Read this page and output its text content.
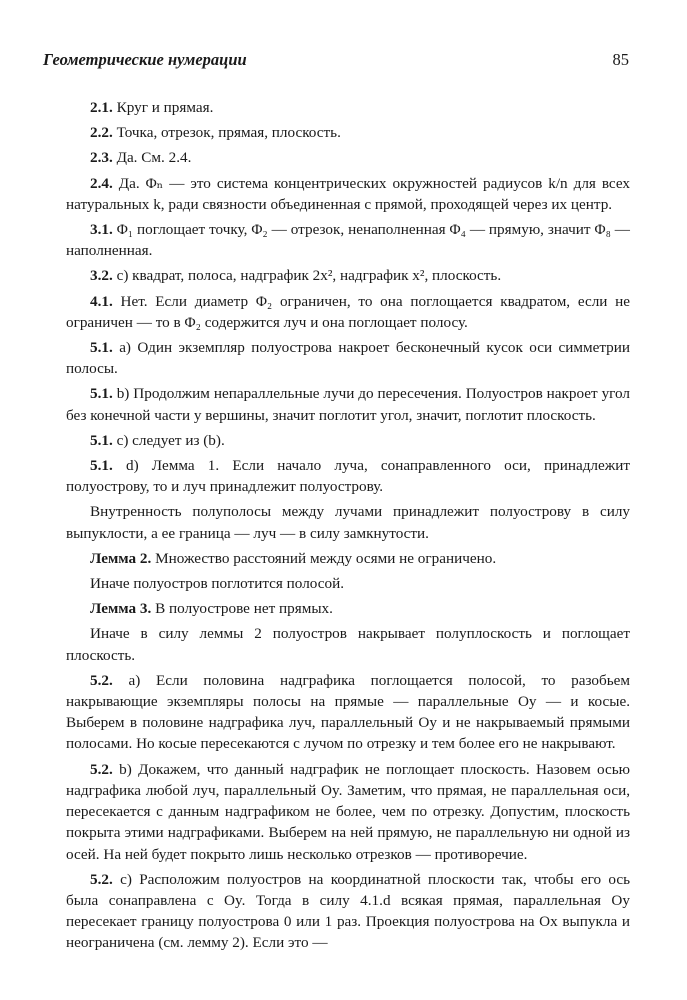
Геометрические нумерации	85

2.1. Круг и прямая.

2.2. Точка, отрезок, прямая, плоскость.

2.3. Да. См. 2.4.

2.4. Да. Φₙ — это система концентрических окружностей радиусов k/n для всех натуральных k, ради связности объединенная с прямой, проходящей через их центр.

3.1. Φ₁ поглощает точку, Φ₂ — отрезок, ненаполненная Φ₄ — прямую, значит Φ₈ — наполненная.

3.2. c) квадрат, полоса, надграфик 2x², надграфик x², плоскость.

4.1. Нет. Если диаметр Φ₂ ограничен, то она поглощается квадратом, если не ограничен — то в Φ₂ содержится луч и она поглощает полосу.

5.1. a) Один экземпляр полуострова накроет бесконечный кусок оси симметрии полосы.

5.1. b) Продолжим непараллельные лучи до пересечения. Полуостров накроет угол без конечной части у вершины, значит поглотит угол, значит, поглотит плоскость.

5.1. c) следует из (b).

5.1. d) Лемма 1. Если начало луча, сонаправленного оси, принадлежит полуострову, то и луч принадлежит полуострову.

Внутренность полуполосы между лучами принадлежит полуострову в силу выпуклости, а ее граница — луч — в силу замкнутости.

Лемма 2. Множество расстояний между осями не ограничено.

Иначе полуостров поглотится полосой.

Лемма 3. В полуострове нет прямых.

Иначе в силу леммы 2 полуостров накрывает полуплоскость и поглощает плоскость.

5.2. a) Если половина надграфика поглощается полосой, то разобьем накрывающие экземпляры полосы на прямые — параллельные Oy — и косые. Выберем в половине надграфика луч, параллельный Oy и не накрываемый прямыми полосами. Но косые пересекаются с лучом по отрезку и тем более его не накрывают.

5.2. b) Докажем, что данный надграфик не поглощает плоскость. Назовем осью надграфика любой луч, параллельный Oy. Заметим, что прямая, не параллельная оси, пересекается с данным надграфиком не более, чем по отрезку. Допустим, плоскость покрыта этими надграфиками. Выберем на ней прямую, не параллельную ни одной из осей. На ней будет покрыто лишь несколько отрезков — противоречие.

5.2. c) Расположим полуостров на координатной плоскости так, чтобы его ось была сонаправлена с Oy. Тогда в силу 4.1.d всякая прямая, параллельная Oy пересекает границу полуострова 0 или 1 раз. Проекция полуострова на Ox выпукла и неограничена (см. лемму 2). Если это —
